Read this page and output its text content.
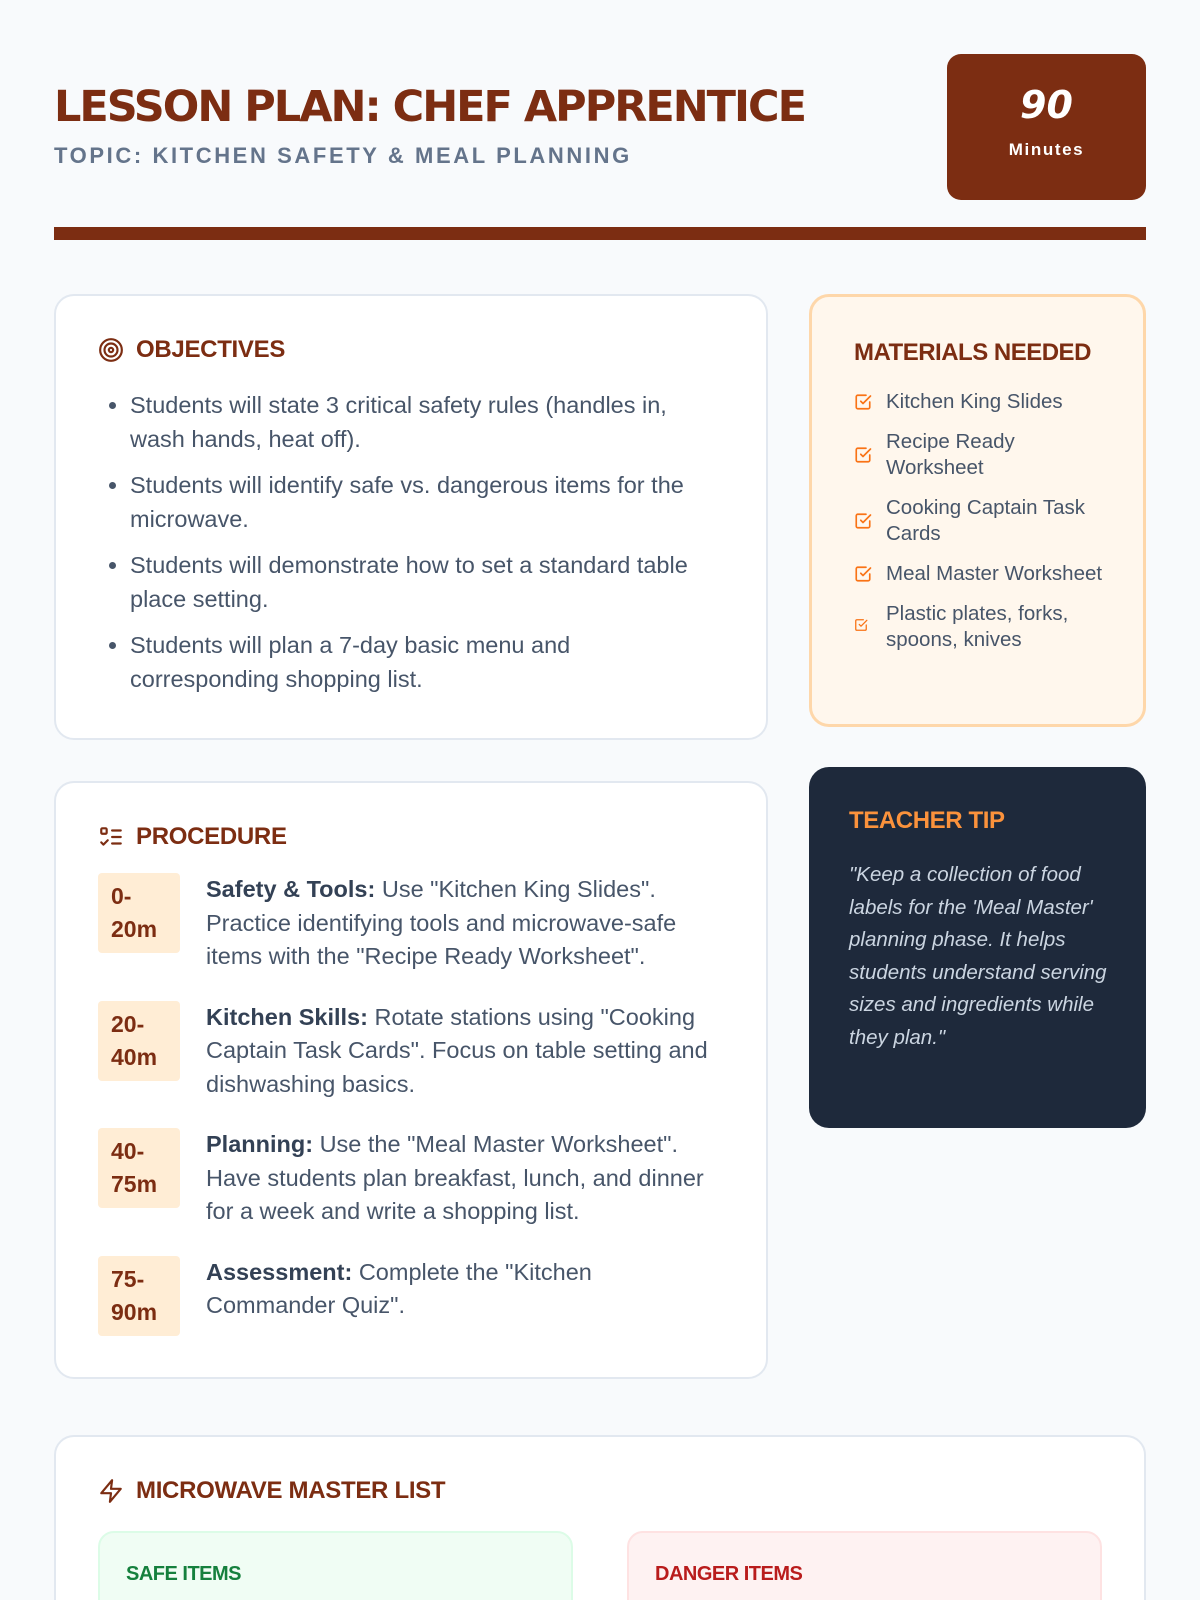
LESSON PLAN: CHEF APPRENTICE
TOPIC: KITCHEN SAFETY & MEAL PLANNING
90
Minutes
OBJECTIVES
• Students will state 3 critical safety rules (handles in, wash hands, heat off).
• Students will identify safe vs. dangerous items for the microwave.
• Students will demonstrate how to set a standard table place setting.
• Students will plan a 7-day basic menu and corresponding shopping list.
MATERIALS NEEDED
Kitchen King Slides
Recipe Ready Worksheet
Cooking Captain Task Cards
Meal Master Worksheet
Plastic plates, forks, spoons, knives
PROCEDURE
0-20m
Safety & Tools: Use "Kitchen King Slides". Practice identifying tools and microwave-safe items with the "Recipe Ready Worksheet".
20-40m
Kitchen Skills: Rotate stations using "Cooking Captain Task Cards". Focus on table setting and dishwashing basics.
40-75m
Planning: Use the "Meal Master Worksheet". Have students plan breakfast, lunch, and dinner for a week and write a shopping list.
75-90m
Assessment: Complete the "Kitchen Commander Quiz".
TEACHER TIP

"Keep a collection of food labels for the 'Meal Master' planning phase. It helps students understand serving sizes and ingredients while they plan."

MICROWAVE MASTER LIST
SAFE ITEMS	DANGER ITEMS
